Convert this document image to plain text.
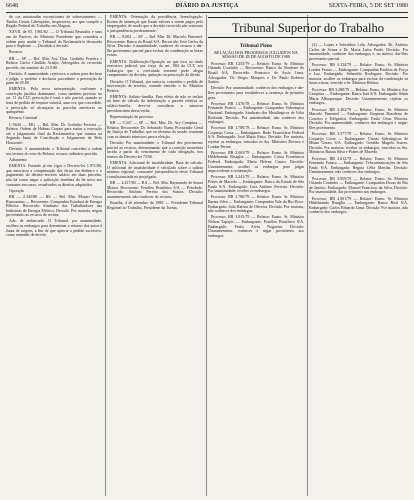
6648	DIÁRIO DA JUSTIÇA	SEXTA-FEIRA, 5 DE SET 1980

do cas autorizadas excepcionais de sobrestamento — Tutelas Gerais Cabeaçadas, inspectores; art. que compõe a Região Federal do Trabalho em Alagoas.

XXVII, de 05, 1981/82. — O Tribunal Reunidos e seus em do Parecer, do Ministro Presidente que concedeu a ordem para anular o Tribunal da Reclamatória destacada para o Suplente. — Decidido a decisão.

Recurso

RR — SP — Ref. Min. Ass. Dias. Godinho Ferreira e Relator Carlos Cândido Araújo, Advogados do recorrido provido, em sumário de 23.9.80.

Decisão. A unanimidade, rejeitou-a a ordem para declarar e julgar, o prefeito e declarou procedente a prescrição da parte de 05.80.

EMENTA: Pela nova interpretação, conforme a convicção jurídica dominante, como também previsto no art. 11 da CLT, prescrição é total e não parcial, quando se trata de pedido de reajuste salarial, uma vez que concedido, a prescrição só alcançaria as parcelas anteriores ao quinquênio.

Recurso Criminal

L-5644 — MG — Rel. Min. Dr. Godinho Ferreira — Relator. Ordem de Habeas Corpus para sustar a execução até o julgamento final da Reclamatória que tramita na Segunda Junta de Conciliação e Julgamento de Belo Horizonte.

Decisão. A unanimidade, o Tribunal concedeu a ordem nos termos do voto do Relator, recurso ordinário provido.

Adiamento

EMENTA: Estando já em vigor o Decreto-lei 1.971/80, que autorizou a compensação das férias em dinheiro e o pagamento do décimo-terceiro salário em duas parcelas, não há como negar a aplicação imediata da lei nova aos contratos em curso, ressalvados os direitos adquiridos.

Oposição

RR — 2.345/80 — RS — Rel. Min. Mozart Victor Russomano — Recorrente: Companhia Estadual de Energia Elétrica. Recorrido: Sindicato dos Trabalhadores nas Indústrias de Energia Elétrica. Decisão: Por maioria, negou provimento ao recurso de revista.

Adv. de embarcado. O Tribunal, por unanimidade, acolheu os embargos para determinar o retorno dos autos à Junta de origem, a fim de que aprecie o pedido sucessivo, como entender de direito.

EMENTA: Orientação da presidência, homologação. Rotina de sentenças que fixam valores a serem pagos pelo empregador, de modo que a decisão recorrida não contraria a jurisprudência predominante.

RR — 8.002 — SP — Rel. Min. Dr. Marcelo Pimentel. Recorrente: Banco do Brasil S/A. Recorrido: José Carlos da Silva. Decisão: à unanimidade, conhecer do recurso e dar-lhe provimento parcial para excluir da condenação as horas extras.

EMENTA: Deliberação-Oposição no que toca ao título executivo judicial, por força do art. 884 da CLT, aos Embargos que o executado somente pode alegar cumprimento da decisão, quitação ou prescrição da dívida.

Decisão: O Tribunal, por maioria, concedeu o pedido de intervenção de terceiro, estando vencido o Sr. Ministro Relator.

EMENTA: Salário-família. Para efeito de não se incluir na base de cálculo da indenização a parcela relativa ao salário-família, deve-se considerar a natureza previdenciária dessa verba.

Representação de processo

RR — 5.347 — SP — Rel. Min. Dr. Ary Campista — Relator. Recorrente: Dr. Sebastião Viana, Procurador Geral da Justiça do Trabalho, que ao término da sessão reuniram com os demais ministros para a eleição.

Decisão: Por unanimidade, o Tribunal deu provimento parcial ao recurso, determinando que a correção monetária incida a partir do vencimento de cada obrigação, nos termos do Decreto-lei 75/66.

EMENTA: Adicional de insalubridade. Base de cálculo. O adicional de insalubridade é calculado sobre o salário mínimo regional, consoante jurisprudência deste Tribunal consubstanciada no prejulgado.

RR — 4.417/80 — BA — Rel. Min. Raymundo de Souza Moura. Recorrente: Petróleo Brasileiro S/A — Petrobrás. Recorrido: Antônio Pereira dos Santos. Decisão: unanimemente, não conhecer do recurso.

Brasília, 4 de setembro de 1980. — Presidente Tribunal Regional do Trabalho, Presidente da Turma.

Tribunal Superior do Trabalho
Tribunal Pleno
RELAÇÃO DOS PROCESSOS JULGADOS NA SESSÃO DE 28 DE AGOSTO DE 1980

Processo: RR 1.255/79 — Relator: Exmo. Sr. Ministro Orlando Coutinho — Recorrente: Banco do Nordeste do Brasil S/A. Recorrido: Francisco de Assis Lima. Advogados: Dr. Sérgio Marques e Dr. Paulo Roberto Santos.

Decisão: Por unanimidade, conhecer dos embargos e dar-lhes provimento para restabelecer a sentença de primeiro grau.

Processo: RR 1.476/78 — Relator: Exmo. Sr. Ministro Fernando Franco — Embargante: Companhia Siderúrgica Nacional. Embargado: Sindicato dos Metalúrgicos de Volta Redonda. Decisão: Por unanimidade, não conhecer dos embargos.

Processo: RR 1.788/78 — Relator: Exmo. Sr. Ministro Coqueijo Costa — Embargante: Rede Ferroviária Federal S/A. Embargado: José Maria Pinto. Decisão: Por maioria, rejeitar os embargos, vencidos os Srs. Ministros Revisor e Lomba Ferraz.

Processo: RR 2.065/79 — Relator: Exmo. Sr. Ministro Hildebrando Bisaglia — Embargante: Caixa Econômica Federal. Embargada: Maria Helena Castro. Decisão: Unanimemente, acolher os embargos para julgar improcedente a reclamação.

Processo: RR 2.241/79 — Relator: Exmo. Sr. Ministro Prates de Macedo — Embargante: Banco do Estado de São Paulo S/A. Embargado: Luiz Antônio Ferreira. Decisão: Por unanimidade, receber os embargos.

Processo: RR 2.780/79 — Relator: Exmo. Sr. Ministro Barata Silva — Embargante: Companhia Vale do Rio Doce. Embargado: João Batista de Oliveira. Decisão: Por maioria, não conhecer dos embargos.

Processo: RR 3.015/79 — Relator: Exmo. Sr. Ministro Nelson Tapajós — Embargante: Petróleo Brasileiro S/A. Embargado: Pedro Alves Nogueira. Decisão: Unanimemente, conhecer e negar provimento aos embargos.

(2) — Lopes e Sobrinhos Ltda. Advogados: Dr. Antônio Carlos de Souza e Dr. Maria Luísa Prado. Decisão: Por unanimidade, conhecer dos embargos e, no mérito, dar-lhes provimento parcial.

Processo: RR 3.124/79 — Relator: Exmo. Sr. Ministro Lomba Ferraz — Embargante: Companhia Paulista de Força e Luz. Embargado: Sebastião Rodrigues. Decisão: Por maioria, acolher os embargos para excluir da condenação as horas extras, vencido o Sr. Ministro Relator.

Processo: RR 3.288/79 — Relator: Exmo. Sr. Ministro Ary Campista — Embargante: Banco Itaú S/A. Embargada: Sônia Maria Albuquerque. Decisão: Unanimemente, rejeitar os embargos.

Processo: RR 3.402/79 — Relator: Exmo. Sr. Ministro Marcelo Pimentel — Embargante: Empresa Brasileira de Correios e Telégrafos. Embargado: Paulo César Moreira. Decisão: Por unanimidade, conhecer dos embargos e negar-lhes provimento.

Processo: RR 3.577/79 — Relator: Exmo. Sr. Ministro Coqueijo Costa — Embargante: Usinas Siderúrgicas de Minas Gerais S/A. Embargado: Geraldo Magela Soares. Decisão: Por maioria, receber os embargos, vencidos os Srs. Ministros Barata Silva e Prates de Macedo.

Processo: RR 3.612/79 — Relator: Exmo. Sr. Ministro Fernando Franco — Embargante: Telecomunicações de São Paulo S/A. Embargada: Regina Célia Martins. Decisão: Unanimemente, não conhecer dos embargos.

Processo: RR 3.859/79 — Relator: Exmo. Sr. Ministro Orlando Coutinho — Embargante: Companhia Docas do Rio de Janeiro. Embargado: Manoel Francisco da Silva. Decisão: Por unanimidade, dar provimento aos embargos.

Processo: RR 4.001/79 — Relator: Exmo. Sr. Ministro Hildebrando Bisaglia — Embargante: Banco Real S/A. Embargado: Carlos Eduardo Lima. Decisão: Por maioria, não conhecer dos embargos.
